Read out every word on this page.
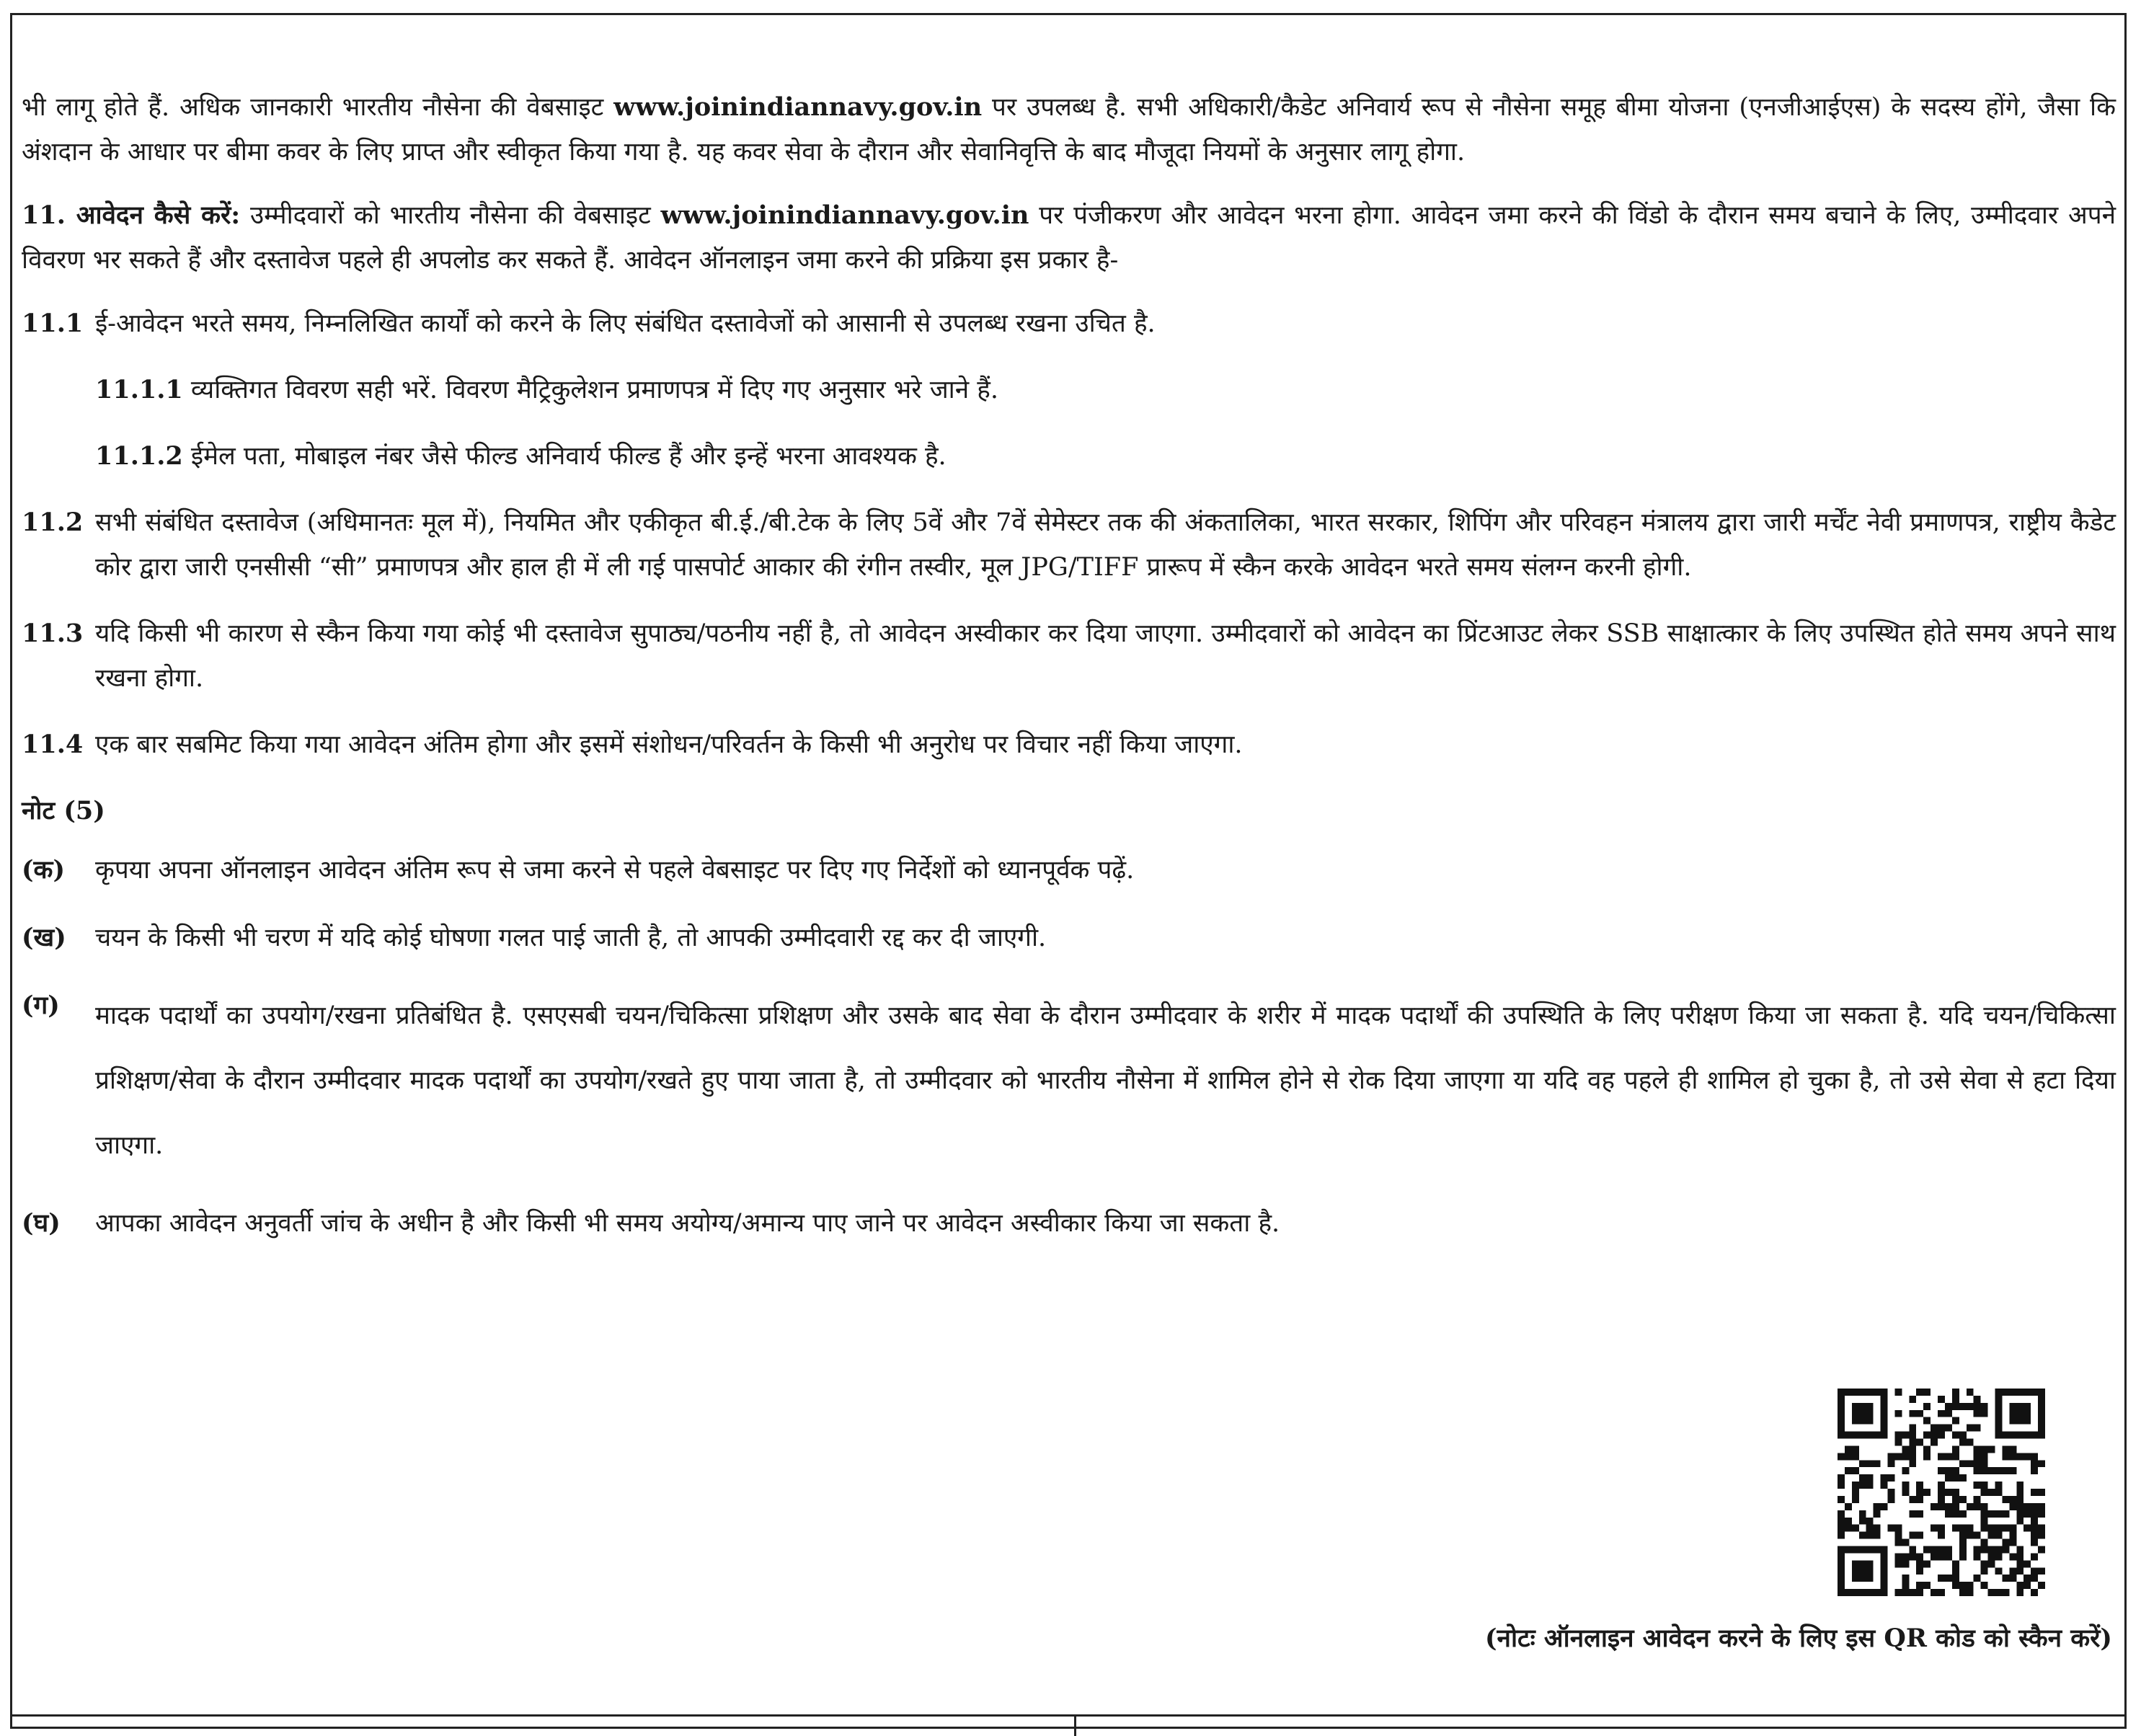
भी लागू होते हैं. अधिक जानकारी भारतीय नौसेना की वेबसाइट www.joinindiannavy.gov.in पर उपलब्ध है. सभी अधिकारी/कैडेट अनिवार्य रूप से नौसेना समूह बीमा योजना (एनजीआईएस) के सदस्य होंगे, जैसा कि अंशदान के आधार पर बीमा कवर के लिए प्राप्त और स्वीकृत किया गया है. यह कवर सेवा के दौरान और सेवानिवृत्ति के बाद मौजूदा नियमों के अनुसार लागू होगा.

11. आवेदन कैसे करें: उम्मीदवारों को भारतीय नौसेना की वेबसाइट www.joinindiannavy.gov.in पर पंजीकरण और आवेदन भरना होगा. आवेदन जमा करने की विंडो के दौरान समय बचाने के लिए, उम्मीदवार अपने विवरण भर सकते हैं और दस्तावेज पहले ही अपलोड कर सकते हैं. आवेदन ऑनलाइन जमा करने की प्रक्रिया इस प्रकार है-

11.1 ई-आवेदन भरते समय, निम्नलिखित कार्यों को करने के लिए संबंधित दस्तावेजों को आसानी से उपलब्ध रखना उचित है.
11.1.1 व्यक्तिगत विवरण सही भरें. विवरण मैट्रिकुलेशन प्रमाणपत्र में दिए गए अनुसार भरे जाने हैं.
11.1.2 ईमेल पता, मोबाइल नंबर जैसे फील्ड अनिवार्य फील्ड हैं और इन्हें भरना आवश्यक है.
11.2 सभी संबंधित दस्तावेज (अधिमानतः मूल में), नियमित और एकीकृत बी.ई./बी.टेक के लिए 5वें और 7वें सेमेस्टर तक की अंकतालिका, भारत सरकार, शिपिंग और परिवहन मंत्रालय द्वारा जारी मर्चेंट नेवी प्रमाणपत्र, राष्ट्रीय कैडेट कोर द्वारा जारी एनसीसी “सी” प्रमाणपत्र और हाल ही में ली गई पासपोर्ट आकार की रंगीन तस्वीर, मूल JPG/TIFF प्रारूप में स्कैन करके आवेदन भरते समय संलग्न करनी होगी.
11.3 यदि किसी भी कारण से स्कैन किया गया कोई भी दस्तावेज सुपाठ्य/पठनीय नहीं है, तो आवेदन अस्वीकार कर दिया जाएगा. उम्मीदवारों को आवेदन का प्रिंटआउट लेकर SSB साक्षात्कार के लिए उपस्थित होते समय अपने साथ रखना होगा.
11.4 एक बार सबमिट किया गया आवेदन अंतिम होगा और इसमें संशोधन/परिवर्तन के किसी भी अनुरोध पर विचार नहीं किया जाएगा.
नोट (5)
(क)	कृपया अपना ऑनलाइन आवेदन अंतिम रूप से जमा करने से पहले वेबसाइट पर दिए गए निर्देशों को ध्यानपूर्वक पढ़ें.
(ख)	चयन के किसी भी चरण में यदि कोई घोषणा गलत पाई जाती है, तो आपकी उम्मीदवारी रद्द कर दी जाएगी.
(ग)	मादक पदार्थों का उपयोग/रखना प्रतिबंधित है. एसएसबी चयन/चिकित्सा प्रशिक्षण और उसके बाद सेवा के दौरान उम्मीदवार के शरीर में मादक पदार्थों की उपस्थिति के लिए परीक्षण किया जा सकता है. यदि चयन/चिकित्सा प्रशिक्षण/सेवा के दौरान उम्मीदवार मादक पदार्थों का उपयोग/रखते हुए पाया जाता है, तो उम्मीदवार को भारतीय नौसेना में शामिल होने से रोक दिया जाएगा या यदि वह पहले ही शामिल हो चुका है, तो उसे सेवा से हटा दिया जाएगा.
(घ)	आपका आवेदन अनुवर्ती जांच के अधीन है और किसी भी समय अयोग्य/अमान्य पाए जाने पर आवेदन अस्वीकार किया जा सकता है.
(नोटः ऑनलाइन आवेदन करने के लिए इस QR कोड को स्कैन करें)
